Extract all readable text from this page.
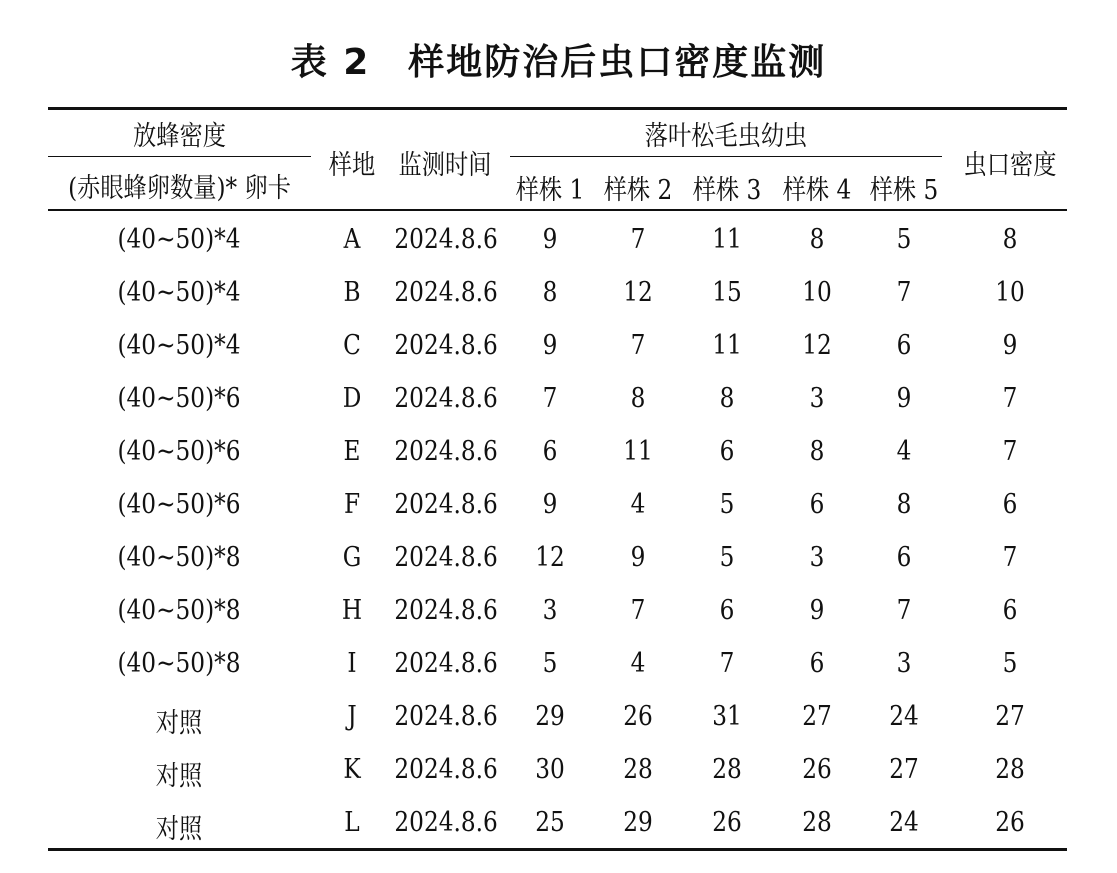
表 2　样地防治后虫口密度监测
放蜂密度
(赤眼蜂卵数量)* 卵卡
样地 监测时间
落叶松毛虫幼虫
虫口密度
样株 1 样株 2 样株 3 样株 4 样株 5
(40~50)*4	A	2024.8.6	9	7	11	8	5	8
(40~50)*4	B	2024.8.6	8	12	15	10	7	10
(40~50)*4	C	2024.8.6	9	7	11	12	6	9
(40~50)*6	D	2024.8.6	7	8	8	3	9	7
(40~50)*6	E	2024.8.6	6	11	6	8	4	7
(40~50)*6	F	2024.8.6	9	4	5	6	8	6
(40~50)*8	G	2024.8.6	12	9	5	3	6	7
(40~50)*8	H	2024.8.6	3	7	6	9	7	6
(40~50)*8	I	2024.8.6	5	4	7	6	3	5
对照	J	2024.8.6	29	26	31	27	24	27
对照	K	2024.8.6	30	28	28	26	27	28
对照	L	2024.8.6	25	29	26	28	24	26
